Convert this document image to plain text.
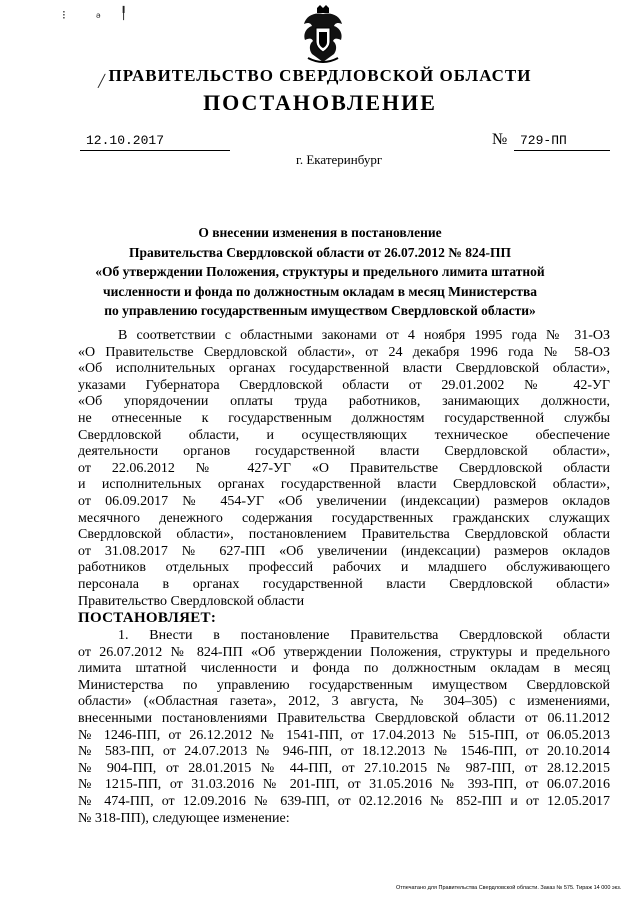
⁝	ᵊ ╿
╱ ПРАВИТЕЛЬСТВО СВЕРДЛОВСКОЙ ОБЛАСТИ
ПОСТАНОВЛЕНИЕ
12.10.2017	№ 729-ПП
г. Екатеринбург
О внесении изменения в постановление
Правительства Свердловской области от 26.07.2012 № 824-ПП
«Об утверждении Положения, структуры и предельного лимита штатной
численности и фонда по должностным окладам в месяц Министерства
по управлению государственным имуществом Свердловской области»
В соответствии с областными законами от 4 ноября 1995 года № 31-ОЗ
«О Правительстве Свердловской области», от 24 декабря 1996 года № 58-ОЗ
«Об исполнительных органах государственной власти Свердловской области»,
указами Губернатора Свердловской области от 29.01.2002 № 42-УГ
«Об упорядочении оплаты труда работников, занимающих должности,
не отнесенные к государственным должностям государственной службы
Свердловской области, и осуществляющих техническое обеспечение
деятельности органов государственной власти Свердловской области»,
от 22.06.2012 № 427-УГ «О Правительстве Свердловской области
и исполнительных органах государственной власти Свердловской области»,
от 06.09.2017 № 454-УГ «Об увеличении (индексации) размеров окладов
месячного денежного содержания государственных гражданских служащих
Свердловской области», постановлением Правительства Свердловской области
от 31.08.2017 № 627-ПП «Об увеличении (индексации) размеров окладов
работников отдельных профессий рабочих и младшего обслуживающего
персонала в органах государственной власти Свердловской области»
Правительство Свердловской области
ПОСТАНОВЛЯЕТ:
1. Внести в постановление Правительства Свердловской области
от 26.07.2012 № 824-ПП «Об утверждении Положения, структуры и предельного
лимита штатной численности и фонда по должностным окладам в месяц
Министерства по управлению государственным имуществом Свердловской
области» («Областная газета», 2012, 3 августа, № 304–305) с изменениями,
внесенными постановлениями Правительства Свердловской области от 06.11.2012
№ 1246-ПП, от 26.12.2012 № 1541-ПП, от 17.04.2013 № 515-ПП, от 06.05.2013
№ 583-ПП, от 24.07.2013 № 946-ПП, от 18.12.2013 № 1546-ПП, от 20.10.2014
№ 904-ПП, от 28.01.2015 № 44-ПП, от 27.10.2015 № 987-ПП, от 28.12.2015
№ 1215-ПП, от 31.03.2016 № 201-ПП, от 31.05.2016 № 393-ПП, от 06.07.2016
№ 474-ПП, от 12.09.2016 № 639-ПП, от 02.12.2016 № 852-ПП и от 12.05.2017
№ 318-ПП), следующее изменение:
Отпечатано для Правительства Свердловской области. Заказ № 575. Тираж 14 000 экз.
